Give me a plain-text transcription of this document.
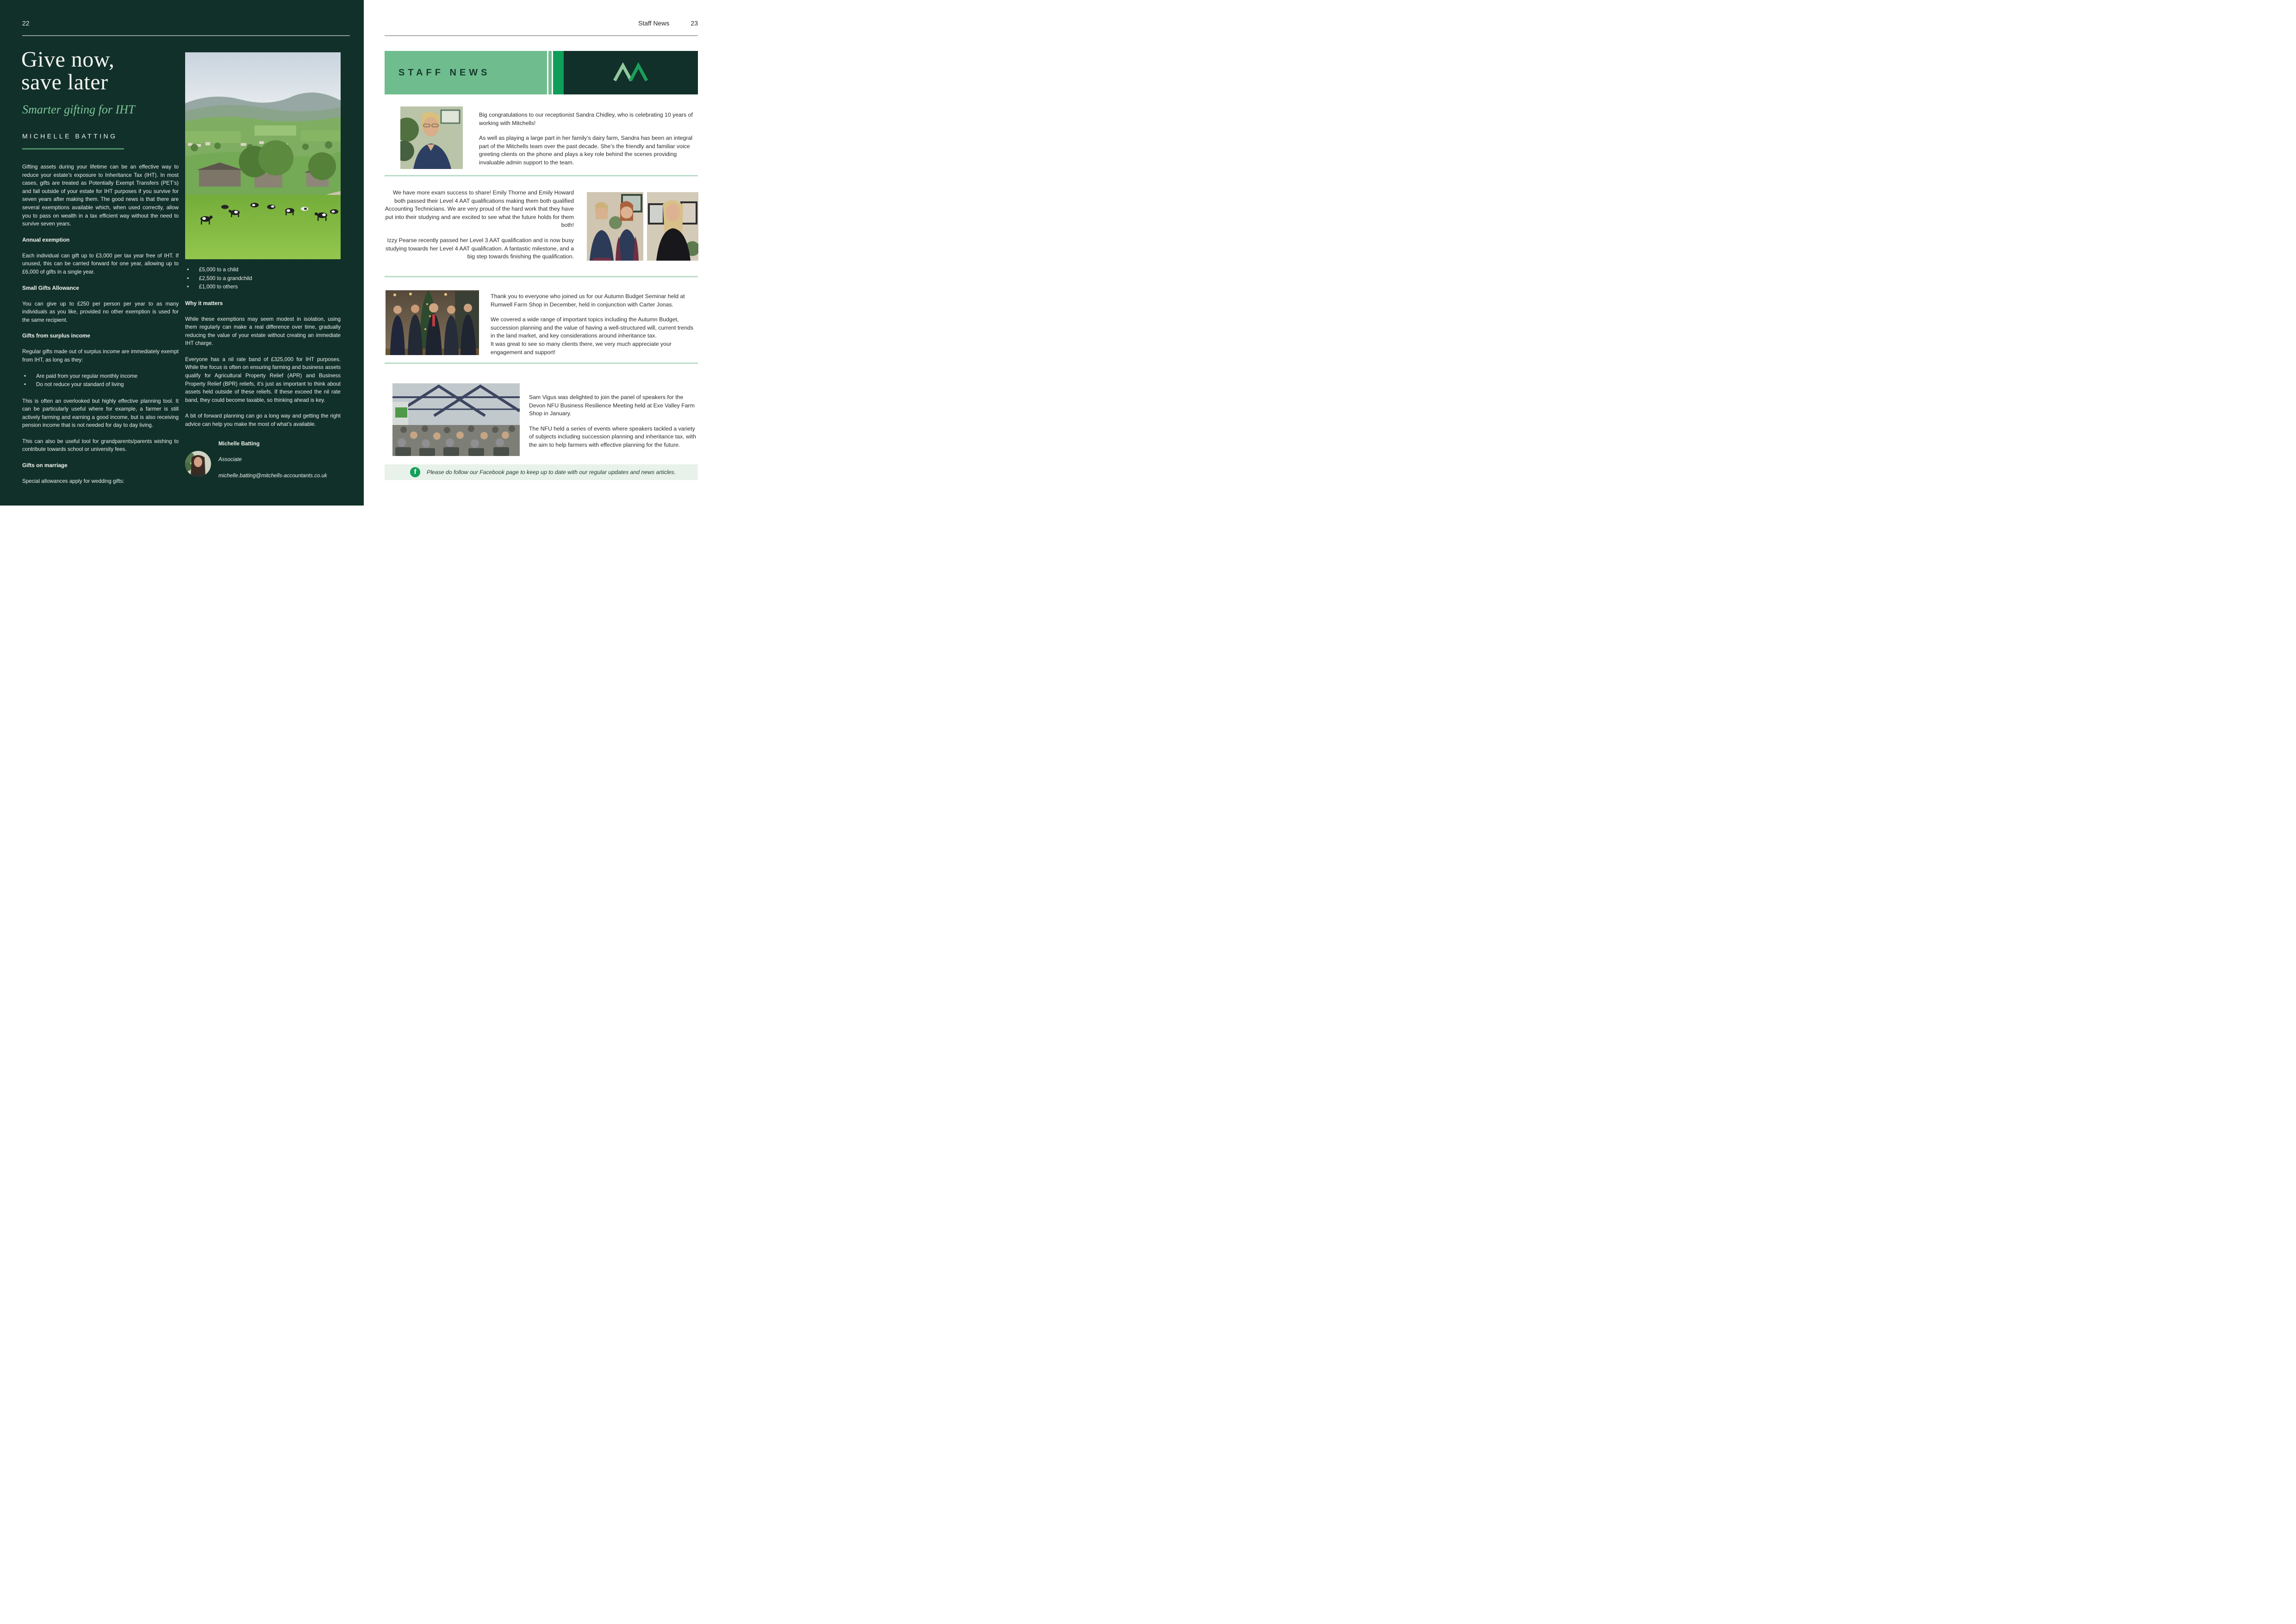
22
Give now,
save later
Smarter gifting for IHT
MICHELLE BATTING

Gifting assets during your lifetime can be an effective way to reduce your estate’s exposure to Inheritance Tax (IHT). In most cases, gifts are treated as Potentially Exempt Transfers (PET’s) and fall outside of your estate for IHT purposes if you survive for seven years after making them. The good news is that there are several exemptions available which, when used correctly, allow you to pass on wealth in a tax efficient way without the need to survive seven years.

Annual exemption

Each individual can gift up to £3,000 per tax year free of IHT. If unused, this can be carried forward for one year, allowing up to £6,000 of gifts in a single year.

Small Gifts Allowance

You can give up to £250 per person per year to as many individuals as you like, provided no other exemption is used for the same recipient.

Gifts from surplus income

Regular gifts made out of surplus income are immediately exempt from IHT, as long as they:

• Are paid from your regular monthly income
• Do not reduce your standard of living

This is often an overlooked but highly effective planning tool. It can be particularly useful where for example, a farmer is still actively farming and earning a good income, but is also receiving pension income that is not needed for day to day living.

This can also be useful tool for grandparents/parents wishing to contribute towards school or university fees.

Gifts on marriage

Special allowances apply for wedding gifts:

• £5,000 to a child
• £2,500 to a grandchild
• £1,000 to others
Why it matters

While these exemptions may seem modest in isolation, using them regularly can make a real difference over time, gradually reducing the value of your estate without creating an immediate IHT charge.

Everyone has a nil rate band of £325,000 for IHT purposes. While the focus is often on ensuring farming and business assets qualify for Agricultural Property Relief (APR) and Business Property Relief (BPR) reliefs, it’s just as important to think about assets held outside of these reliefs. If these exceed the nil rate band, they could become taxable, so thinking ahead is key.

A bit of forward planning can go a long way and getting the right advice can help you make the most of what’s available.

Michelle Batting

Associate

michelle.batting@mitchells-accountants.co.uk

Staff News	23
STAFF NEWS

Big congratulations to our receptionist Sandra Chidley, who is celebrating 10 years of working with Mitchells!

As well as playing a large part in her family’s dairy farm, Sandra has been an integral part of the Mitchells team over the past decade. She’s the friendly and familiar voice greeting clients on the phone and plays a key role behind the scenes providing invaluable admin support to the team.

We have more exam success to share! Emily Thorne and Emily Howard both passed their Level 4 AAT qualifications making them both qualified Accounting Technicians. We are very proud of the hard work that they have put into their studying and are excited to see what the future holds for them both!

Izzy Pearse recently passed her Level 3 AAT qualification and is now busy studying towards her Level 4 AAT qualification. A fantastic milestone, and a big step towards finishing the qualification.

Thank you to everyone who joined us for our Autumn Budget Seminar held at Rumwell Farm Shop in December, held in conjunction with Carter Jonas.

We covered a wide range of important topics including the Autumn Budget, succession planning and the value of having a well-structured will, current trends in the land market, and key considerations around inheritance tax.

It was great to see so many clients there, we very much appreciate your engagement and support!

Sam Vigus was delighted to join the panel of speakers for the Devon NFU Business Resilience Meeting held at Exe Valley Farm Shop in January.

The NFU held a series of events where speakers tackled a variety of subjects including succession planning and inheritance tax, with the aim to help farmers with effective planning for the future.

f	Please do follow our Facebook page to keep up to date with our regular updates and news articles.
